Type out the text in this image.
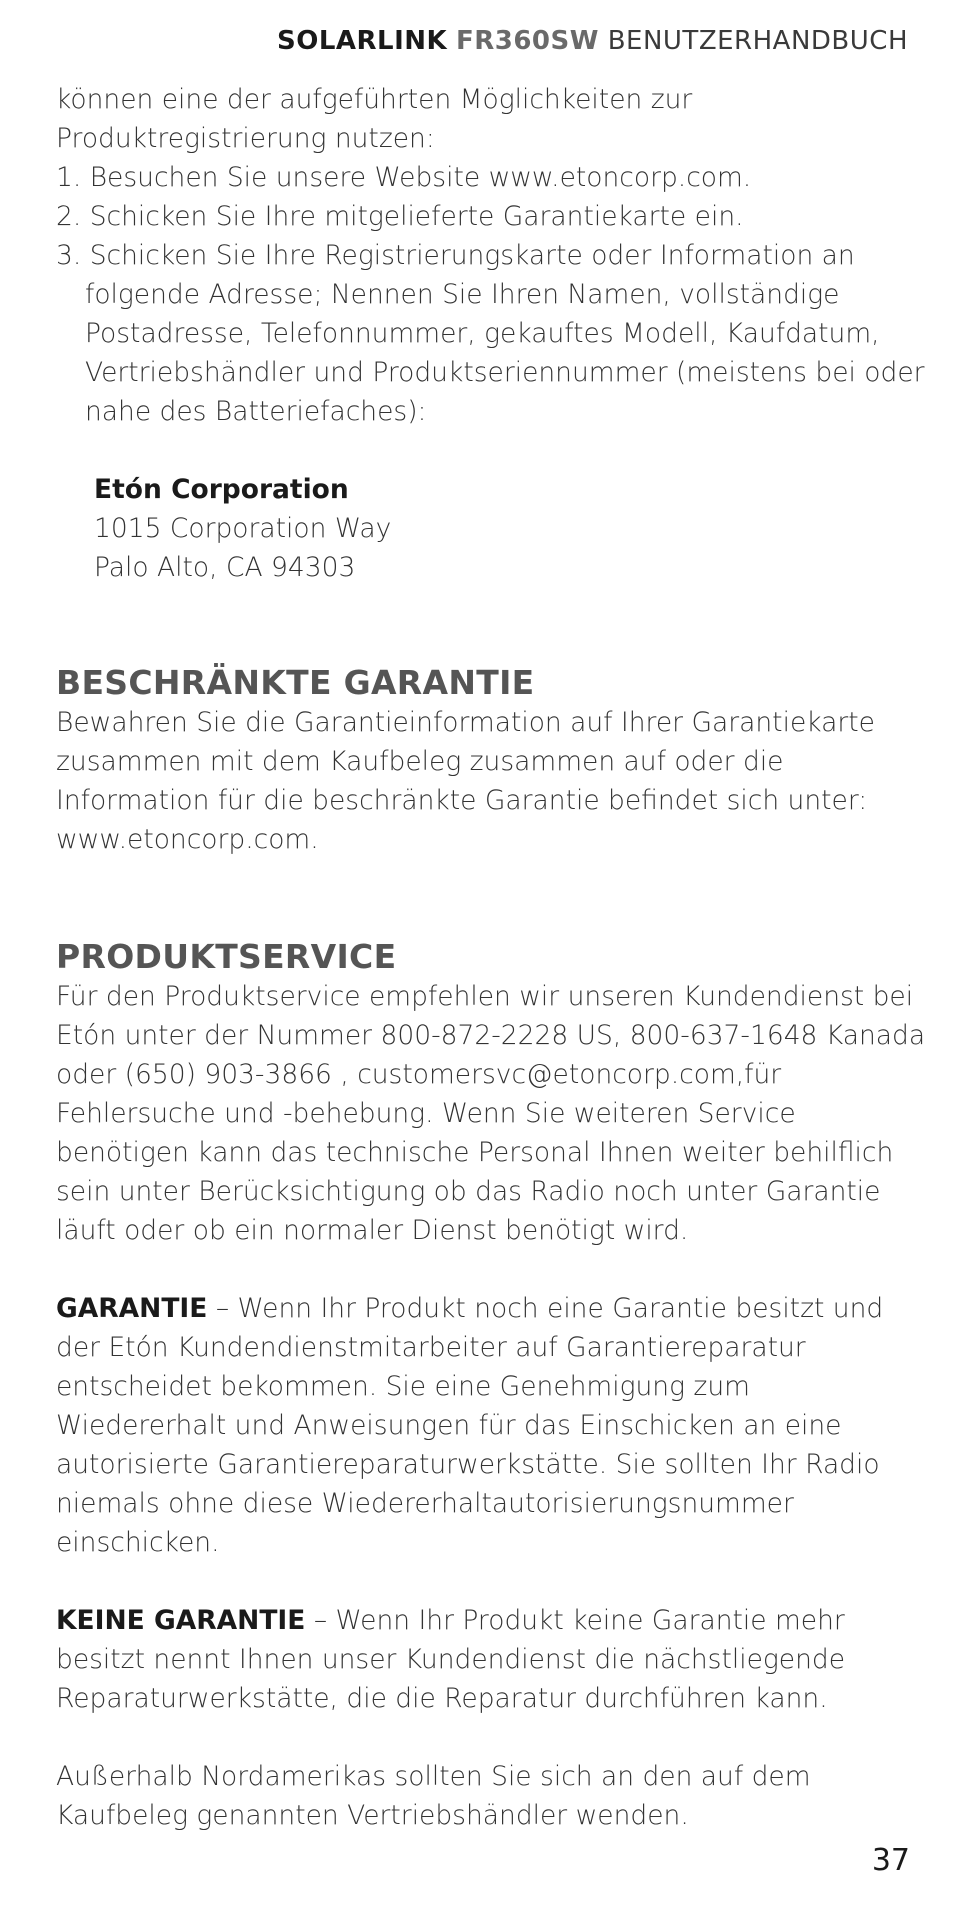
SOLARLINK FR360SW BENUTZERHANDBUCH

können eine der aufgeführten Möglichkeiten zur Produktregistrierung nutzen:

1. Besuchen Sie unsere Website www.etoncorp.com.
2. Schicken Sie Ihre mitgelieferte Garantiekarte ein.
3. Schicken Sie Ihre Registrierungskarte oder Information an folgende Adresse; Nennen Sie Ihren Namen, vollständige Postadresse, Telefonnummer, gekauftes Modell, Kaufdatum, Vertriebshändler und Produktseriennummer (meistens bei oder nahe des Batteriefaches):
Etón Corporation
1015 Corporation Way
Palo Alto, CA 94303
BESCHRÄNKTE GARANTIE

Bewahren Sie die Garantieinformation auf Ihrer Garantiekarte zusammen mit dem Kaufbeleg zusammen auf oder die Information für die beschränkte Garantie befindet sich unter: www.etoncorp.com.

PRODUKTSERVICE

Für den Produktservice empfehlen wir unseren Kundendienst bei Etón unter der Nummer 800-872-2228 US, 800-637-1648 Kanada oder (650) 903-3866 , customersvc@etoncorp.com,für Fehlersuche und -behebung. Wenn Sie weiteren Service benötigen kann das technische Personal Ihnen weiter behilflich sein unter Berücksichtigung ob das Radio noch unter Garantie läuft oder ob ein normaler Dienst benötigt wird.

GARANTIE – Wenn Ihr Produkt noch eine Garantie besitzt und der Etón Kundendienstmitarbeiter auf Garantiereparatur entscheidet bekommen. Sie eine Genehmigung zum Wiedererhalt und Anweisungen für das Einschicken an eine autorisierte Garantiereparaturwerkstätte. Sie sollten Ihr Radio niemals ohne diese Wiedererhaltautorisierungsnummer einschicken.

KEINE GARANTIE – Wenn Ihr Produkt keine Garantie mehr besitzt nennt Ihnen unser Kundendienst die nächstliegende Reparaturwerkstätte, die die Reparatur durchführen kann.

Außerhalb Nordamerikas sollten Sie sich an den auf dem Kaufbeleg genannten Vertriebshändler wenden.

37
